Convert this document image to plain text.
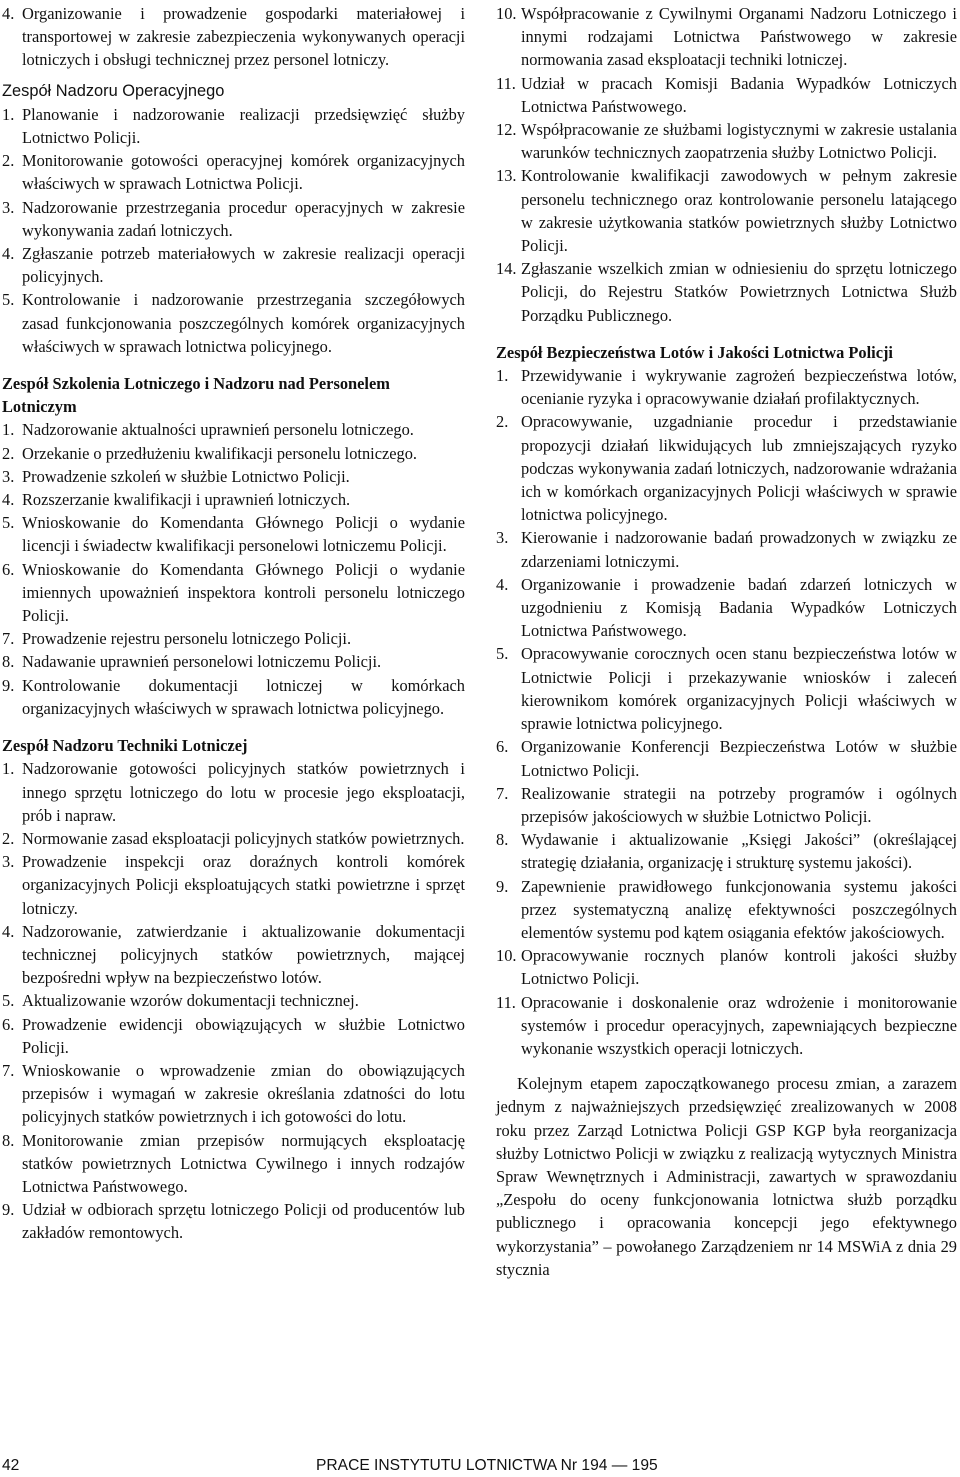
4. Organizowanie i prowadzenie gospodarki materiałowej i transportowej w zakresie zabezpieczenia wykonywanych operacji lotniczych i obsługi technicznej przez personel lotniczy.
Zespół Nadzoru Operacyjnego
1. Planowanie i nadzorowanie realizacji przedsięwzięć służby Lotnictwo Policji.
2. Monitorowanie gotowości operacyjnej komórek organizacyjnych właściwych w sprawach Lotnictwa Policji.
3. Nadzorowanie przestrzegania procedur operacyjnych w zakresie wykonywania zadań lotniczych.
4. Zgłaszanie potrzeb materiałowych w zakresie realizacji operacji policyjnych.
5. Kontrolowanie i nadzorowanie przestrzegania szczegółowych zasad funkcjonowania poszczególnych komórek organizacyjnych właściwych w sprawach lotnictwa policyjnego.
Zespół Szkolenia Lotniczego i Nadzoru nad Personelem Lotniczym
1. Nadzorowanie aktualności uprawnień personelu lotniczego.
2. Orzekanie o przedłużeniu kwalifikacji personelu lotniczego.
3. Prowadzenie szkoleń w służbie Lotnictwo Policji.
4. Rozszerzanie kwalifikacji i uprawnień lotniczych.
5. Wnioskowanie do Komendanta Głównego Policji o wydanie licencji i świadectw kwalifikacji personelowi lotniczemu Policji.
6. Wnioskowanie do Komendanta Głównego Policji o wydanie imiennych upoważnień inspektora kontroli personelu lotniczego Policji.
7. Prowadzenie rejestru personelu lotniczego Policji.
8. Nadawanie uprawnień personelowi lotniczemu Policji.
9. Kontrolowanie dokumentacji lotniczej w komórkach organizacyjnych właściwych w sprawach lotnictwa policyjnego.
Zespół Nadzoru Techniki Lotniczej
1. Nadzorowanie gotowości policyjnych statków powietrznych i innego sprzętu lotniczego do lotu w procesie jego eksploatacji, prób i napraw.
2. Normowanie zasad eksploatacji policyjnych statków powietrznych.
3. Prowadzenie inspekcji oraz doraźnych kontroli komórek organizacyjnych Policji eksploatujących statki powietrzne i sprzęt lotniczy.
4. Nadzorowanie, zatwierdzanie i aktualizowanie dokumentacji technicznej policyjnych statków powietrznych, mającej bezpośredni wpływ na bezpieczeństwo lotów.
5. Aktualizowanie wzorów dokumentacji technicznej.
6. Prowadzenie ewidencji obowiązujących w służbie Lotnictwo Policji.
7. Wnioskowanie o wprowadzenie zmian do obowiązujących przepisów i wymagań w zakresie określania zdatności do lotu policyjnych statków powietrznych i ich gotowości do lotu.
8. Monitorowanie zmian przepisów normujących eksploatację statków powietrznych Lotnictwa Cywilnego i innych rodzajów Lotnictwa Państwowego.
9. Udział w odbiorach sprzętu lotniczego Policji od producentów lub zakładów remontowych.
10. Współpracowanie z Cywilnymi Organami Nadzoru Lotniczego i innymi rodzajami Lotnictwa Państwowego w zakresie normowania zasad eksploatacji techniki lotniczej.
11. Udział w pracach Komisji Badania Wypadków Lotniczych Lotnictwa Państwowego.
12. Współpracowanie ze służbami logistycznymi w zakresie ustalania warunków technicznych zaopatrzenia służby Lotnictwo Policji.
13. Kontrolowanie kwalifikacji zawodowych w pełnym zakresie personelu technicznego oraz kontrolowanie personelu latającego w zakresie użytkowania statków powietrznych służby Lotnictwo Policji.
14. Zgłaszanie wszelkich zmian w odniesieniu do sprzętu lotniczego Policji, do Rejestru Statków Powietrznych Lotnictwa Służb Porządku Publicznego.
Zespół Bezpieczeństwa Lotów i Jakości Lotnictwa Policji
1. Przewidywanie i wykrywanie zagrożeń bezpieczeństwa lotów, ocenianie ryzyka i opracowywanie działań profilaktycznych.
2. Opracowywanie, uzgadnianie procedur i przedstawianie propozycji działań likwidujących lub zmniejszających ryzyko podczas wykonywania zadań lotniczych, nadzorowanie wdrażania ich w komórkach organizacyjnych Policji właściwych w sprawie lotnictwa policyjnego.
3. Kierowanie i nadzorowanie badań prowadzonych w związku ze zdarzeniami lotniczymi.
4. Organizowanie i prowadzenie badań zdarzeń lotniczych w uzgodnieniu z Komisją Badania Wypadków Lotniczych Lotnictwa Państwowego.
5. Opracowywanie corocznych ocen stanu bezpieczeństwa lotów w Lotnictwie Policji i przekazywanie wniosków i zaleceń kierownikom komórek organizacyjnych Policji właściwych w sprawie lotnictwa policyjnego.
6. Organizowanie Konferencji Bezpieczeństwa Lotów w służbie Lotnictwo Policji.
7. Realizowanie strategii na potrzeby programów i ogólnych przepisów jakościowych w służbie Lotnictwo Policji.
8. Wydawanie i aktualizowanie „Księgi Jakości” (określającej strategię działania, organizację i strukturę systemu jakości).
9. Zapewnienie prawidłowego funkcjonowania systemu jakości przez systematyczną analizę efektywności poszczególnych elementów systemu pod kątem osiągania efektów jakościowych.
10. Opracowywanie rocznych planów kontroli jakości służby Lotnictwo Policji.
11. Opracowanie i doskonalenie oraz wdrożenie i monitorowanie systemów i procedur operacyjnych, zapewniających bezpieczne wykonanie wszystkich operacji lotniczych.
Kolejnym etapem zapoczątkowanego procesu zmian, a zarazem jednym z najważniejszych przedsięwzięć zrealizowanych w 2008 roku przez Zarząd Lotnictwa Policji GSP KGP była reorganizacja służby Lotnictwo Policji w związku z realizacją wytycznych Ministra Spraw Wewnętrznych i Administracji, zawartych w sprawozdaniu „Zespołu do oceny funkcjonowania lotnictwa służb porządku publicznego i opracowania koncepcji jego efektywnego wykorzystania” – powołanego Zarządzeniem nr 14 MSWiA z dnia 29 stycznia
42	PRACE INSTYTUTU LOTNICTWA Nr 194 — 195
